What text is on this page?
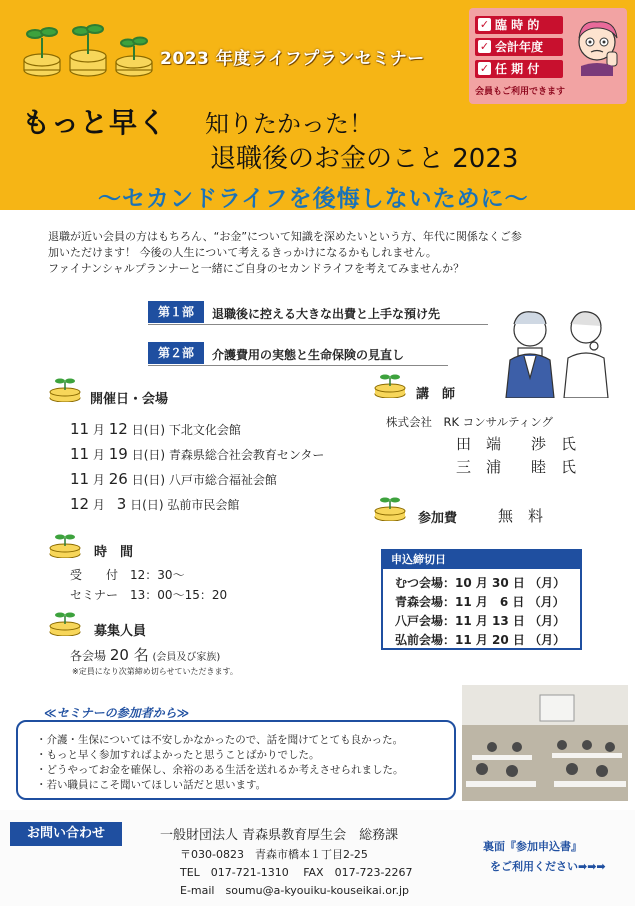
2023 年度ライフプランセミナー
✓ 臨 時 的
✓ 会計年度
✓ 任 期 付
会員もご利用できます
もっと早く 知りたかった！
退職後のお金のこと 2023
～セカンドライフを後悔しないために～
退職が近い会員の方はもちろん、“お金”について知識を深めたいという方、年代に関係なくご参
加いただけます！ 今後の人生について考えるきっかけになるかもしれません。
ファイナンシャルプランナーと一緒にご自身のセカンドライフを考えてみませんか？
第１部	退職後に控える大きな出費と上手な預け先
第２部	介護費用の実態と生命保険の見直し
開催日・会場
11 月 12 日(日) 下北文化会館
11 月 19 日(日) 青森県総合社会教育センター
11 月 26 日(日) 八戸市総合福祉会館
12 月 3 日(日) 弘前市民会館
講　師
株式会社　RK コンサルティング
田　端　　渉　氏
三　浦　　睦　氏
参加費	無　料
時　間
受　　付　 12：30～
セミナー　 13：00～15：20
募集人員
各会場 20 名 (会員及び家族)
※定員になり次第締め切らせていただきます。
申込締切日
むつ会場：10 月 30 日 （月）
青森会場：11 月　6 日 （月）
八戸会場：11 月 13 日 （月）
弘前会場：11 月 20 日 （月）
≪セミナーの参加者から≫
・介護・生保については不安しかなかったので、話を聞けてとても良かった。
・もっと早く参加すればよかったと思うことばかりでした。
・どうやってお金を確保し、余裕のある生活を送れるか考えさせられました。
・若い職員にこそ聞いてほしい話だと思います。
お問い合わせ	一般財団法人 青森県教育厚生会　総務課
〒030-0823　青森市橋本１丁目2-25
TEL　017-721-1310　 FAX　017-723-2267
E-mail　soumu@a-kyouiku-kouseikai.or.jp
裏面『参加申込書』
をご利用ください➡➡➡
